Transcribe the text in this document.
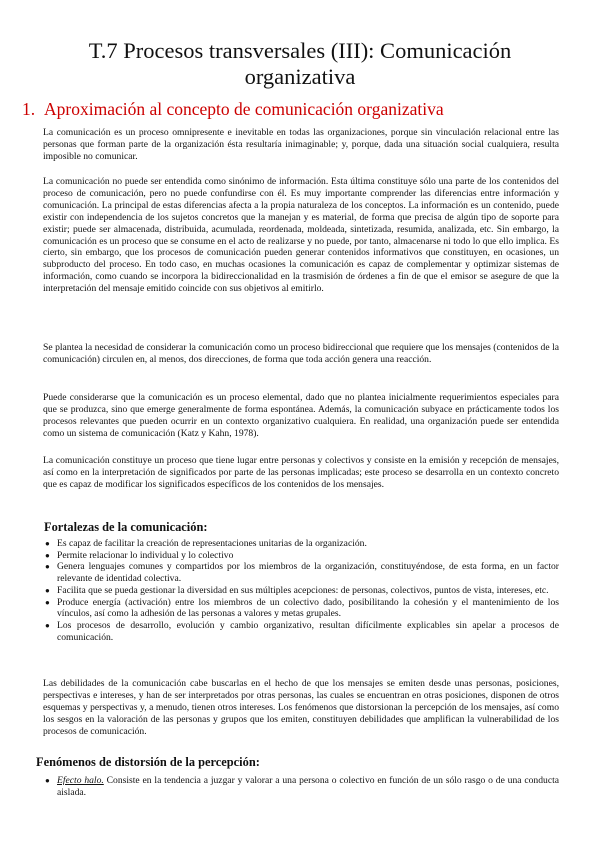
T.7 Procesos transversales (III): Comunicación
organizativa
1. Aproximación al concepto de comunicación organizativa

La comunicación es un proceso omnipresente e inevitable en todas las organizaciones, porque sin vinculación relacional entre las personas que forman parte de la organización ésta resultaría inimaginable; y, porque, dada una situación social cualquiera, resulta imposible no comunicar.

La comunicación no puede ser entendida como sinónimo de información. Esta última constituye sólo una parte de los contenidos del proceso de comunicación, pero no puede confundirse con él. Es muy importante comprender las diferencias entre información y comunicación. La principal de estas diferencias afecta a la propia naturaleza de los conceptos. La información es un contenido, puede existir con independencia de los sujetos concretos que la manejan y es material, de forma que precisa de algún tipo de soporte para existir; puede ser almacenada, distribuida, acumulada, reordenada, moldeada, sintetizada, resumida, analizada, etc. Sin embargo, la comunicación es un proceso que se consume en el acto de realizarse y no puede, por tanto, almacenarse ni todo lo que ello implica. Es cierto, sin embargo, que los procesos de comunicación pueden generar contenidos informativos que constituyen, en ocasiones, un subproducto del proceso. En todo caso, en muchas ocasiones la comunicación es capaz de complementar y optimizar sistemas de información, como cuando se incorpora la bidireccionalidad en la trasmisión de órdenes a fin de que el emisor se asegure de que la interpretación del mensaje emitido coincide con sus objetivos al emitirlo.

Se plantea la necesidad de considerar la comunicación como un proceso bidireccional que requiere que los mensajes (contenidos de la comunicación) circulen en, al menos, dos direcciones, de forma que toda acción genera una reacción.

Puede considerarse que la comunicación es un proceso elemental, dado que no plantea inicialmente requerimientos especiales para que se produzca, sino que emerge generalmente de forma espontánea. Además, la comunicación subyace en prácticamente todos los procesos relevantes que pueden ocurrir en un contexto organizativo cualquiera. En realidad, una organización puede ser entendida como un sistema de comunicación (Katz y Kahn, 1978).

La comunicación constituye un proceso que tiene lugar entre personas y colectivos y consiste en la emisión y recepción de mensajes, así como en la interpretación de significados por parte de las personas implicadas; este proceso se desarrolla en un contexto concreto que es capaz de modificar los significados específicos de los contenidos de los mensajes.

Fortalezas de la comunicación:
● Es capaz de facilitar la creación de representaciones unitarias de la organización.
● Permite relacionar lo individual y lo colectivo
● Genera lenguajes comunes y compartidos por los miembros de la organización, constituyéndose, de esta forma, en un factor relevante de identidad colectiva.
● Facilita que se pueda gestionar la diversidad en sus múltiples acepciones: de personas, colectivos, puntos de vista, intereses, etc.
● Produce energía (activación) entre los miembros de un colectivo dado, posibilitando la cohesión y el mantenimiento de los vínculos, así como la adhesión de las personas a valores y metas grupales.
● Los procesos de desarrollo, evolución y cambio organizativo, resultan difícilmente explicables sin apelar a procesos de comunicación.

Las debilidades de la comunicación cabe buscarlas en el hecho de que los mensajes se emiten desde unas personas, posiciones, perspectivas e intereses, y han de ser interpretados por otras personas, las cuales se encuentran en otras posiciones, disponen de otros esquemas y perspectivas y, a menudo, tienen otros intereses. Los fenómenos que distorsionan la percepción de los mensajes, así como los sesgos en la valoración de las personas y grupos que los emiten, constituyen debilidades que amplifican la vulnerabilidad de los procesos de comunicación.

Fenómenos de distorsión de la percepción:
● Efecto halo. Consiste en la tendencia a juzgar y valorar a una persona o colectivo en función de un sólo rasgo o de una conducta aislada.
